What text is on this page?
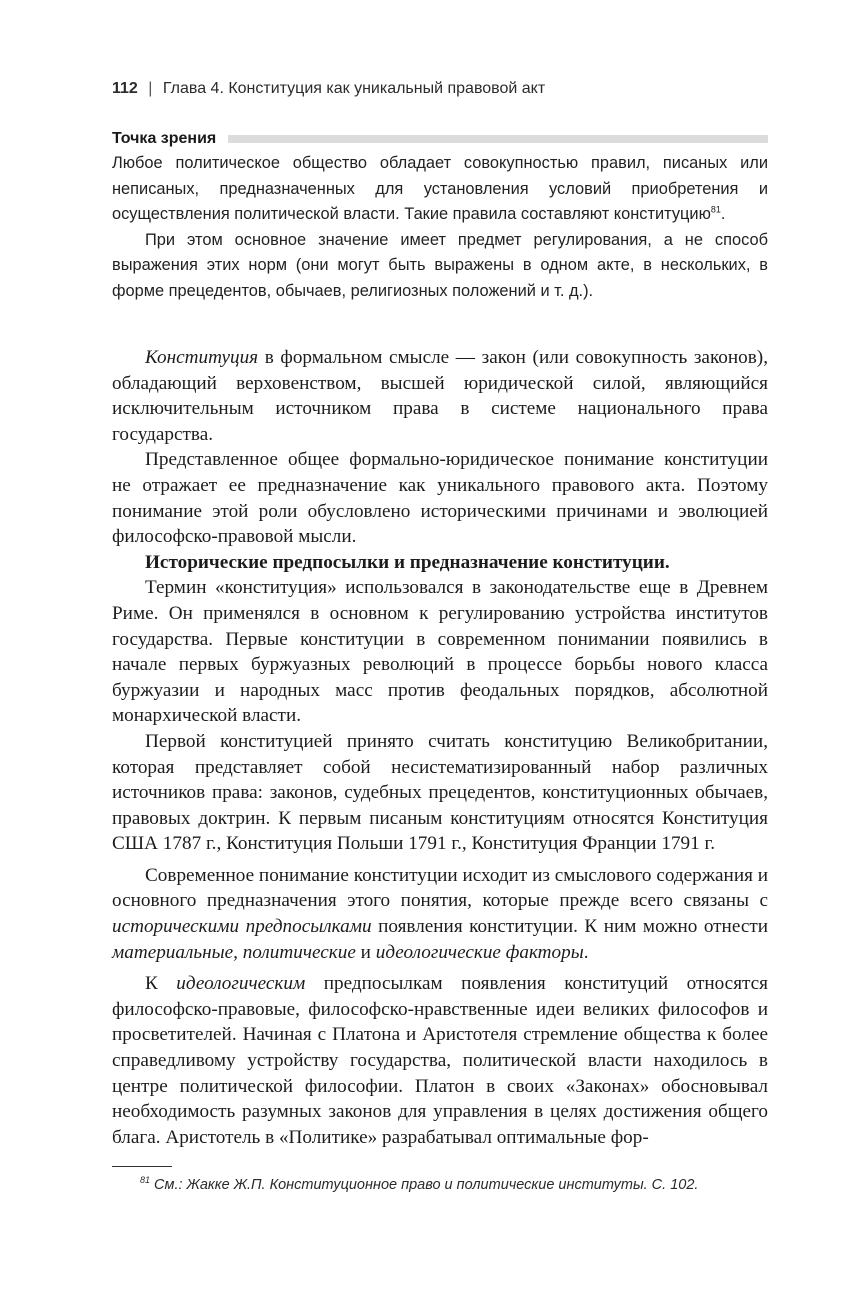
112 | Глава 4. Конституция как уникальный правовой акт
Точка зрения

Любое политическое общество обладает совокупностью правил, писаных или неписаных, предназначенных для установления условий приобретения и осуществления политической власти. Такие правила составляют конституцию$^{81}$.

При этом основное значение имеет предмет регулирования, а не способ выражения этих норм (они могут быть выражены в одном акте, в нескольких, в форме прецедентов, обычаев, религиозных положений и т. д.).

Конституция в формальном смысле — закон (или совокупность законов), обладающий верховенством, высшей юридической силой, являющийся исключительным источником права в системе национального права государства.

Представленное общее формально-юридическое понимание конституции не отражает ее предназначение как уникального правового акта. Поэтому понимание этой роли обусловлено историческими причинами и эволюцией философско-правовой мысли.

Исторические предпосылки и предназначение конституции.

Термин «конституция» использовался в законодательстве еще в Древнем Риме. Он применялся в основном к регулированию устройства институтов государства. Первые конституции в современном понимании появились в начале первых буржуазных революций в процессе борьбы нового класса буржуазии и народных масс против феодальных порядков, абсолютной монархической власти.

Первой конституцией принято считать конституцию Великобритании, которая представляет собой несистематизированный набор различных источников права: законов, судебных прецедентов, конституционных обычаев, правовых доктрин. К первым писаным конституциям относятся Конституция США 1787 г., Конституция Польши 1791 г., Конституция Франции 1791 г.

Современное понимание конституции исходит из смыслового содержания и основного предназначения этого понятия, которые прежде всего связаны с историческими предпосылками появления конституции. К ним можно отнести материальные, политические и идеологические факторы.

К идеологическим предпосылкам появления конституций относятся философско-правовые, философско-нравственные идеи великих философов и просветителей. Начиная с Платона и Аристотеля стремление общества к более справедливому устройству государства, политической власти находилось в центре политической философии. Платон в своих «Законах» обосновывал необходимость разумных законов для управления в целях достижения общего блага. Аристотель в «Политике» разрабатывал оптимальные фор-

$^{81}$ См.: Жакке Ж.П. Конституционное право и политические институты. С. 102.
